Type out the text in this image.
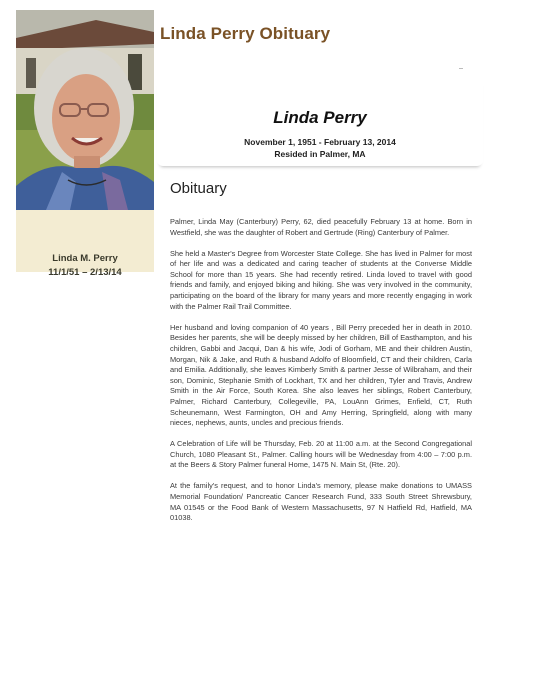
Linda M. Perry
11/1/51 – 2/13/14
Linda Perry Obituary
Linda Perry
November 1, 1951 - February 13, 2014
Resided in Palmer, MA
Obituary

Palmer, Linda May (Canterbury) Perry, 62, died peacefully February 13 at home. Born in Westfield, she was the daughter of Robert and Gertrude (Ring) Canterbury of Palmer.

She held a Master's Degree from Worcester State College. She has lived in Palmer for most of her life and was a dedicated and caring teacher of students at the Converse Middle School for more than 15 years. She had recently retired. Linda loved to travel with good friends and family, and enjoyed biking and hiking. She was very involved in the community, participating on the board of the library for many years and more recently engaging in work with the Palmer Rail Trail Committee.

Her husband and loving companion of 40 years , Bill Perry preceded her in death in 2010. Besides her parents, she will be deeply missed by her children, Bill of Easthampton, and his children, Gabbi and Jacqui, Dan & his wife, Jodi of Gorham, ME and their children Austin, Morgan, Nik & Jake, and Ruth & husband Adolfo of Bloomfield, CT and their children, Carla and Emilia. Additionally, she leaves Kimberly Smith & partner Jesse of Wilbraham, and their son, Dominic, Stephanie Smith of Lockhart, TX and her children, Tyler and Travis, Andrew Smith in the Air Force, South Korea. She also leaves her siblings, Robert Canterbury, Palmer, Richard Canterbury, Collegeville, PA, LouAnn Grimes, Enfield, CT, Ruth Scheunemann, West Farmington, OH and Amy Herring, Springfield, along with many nieces, nephews, aunts, uncles and precious friends.

A Celebration of Life will be Thursday, Feb. 20 at 11:00 a.m. at the Second Congregational Church, 1080 Pleasant St., Palmer. Calling hours will be Wednesday from 4:00 – 7:00 p.m. at the Beers & Story Palmer funeral Home, 1475 N. Main St, (Rte. 20).

At the family's request, and to honor Linda's memory, please make donations to UMASS Memorial Foundation/ Pancreatic Cancer Research Fund, 333 South Street Shrewsbury, MA 01545 or the Food Bank of Western Massachusetts, 97 N Hatfield Rd, Hatfield, MA 01038.
